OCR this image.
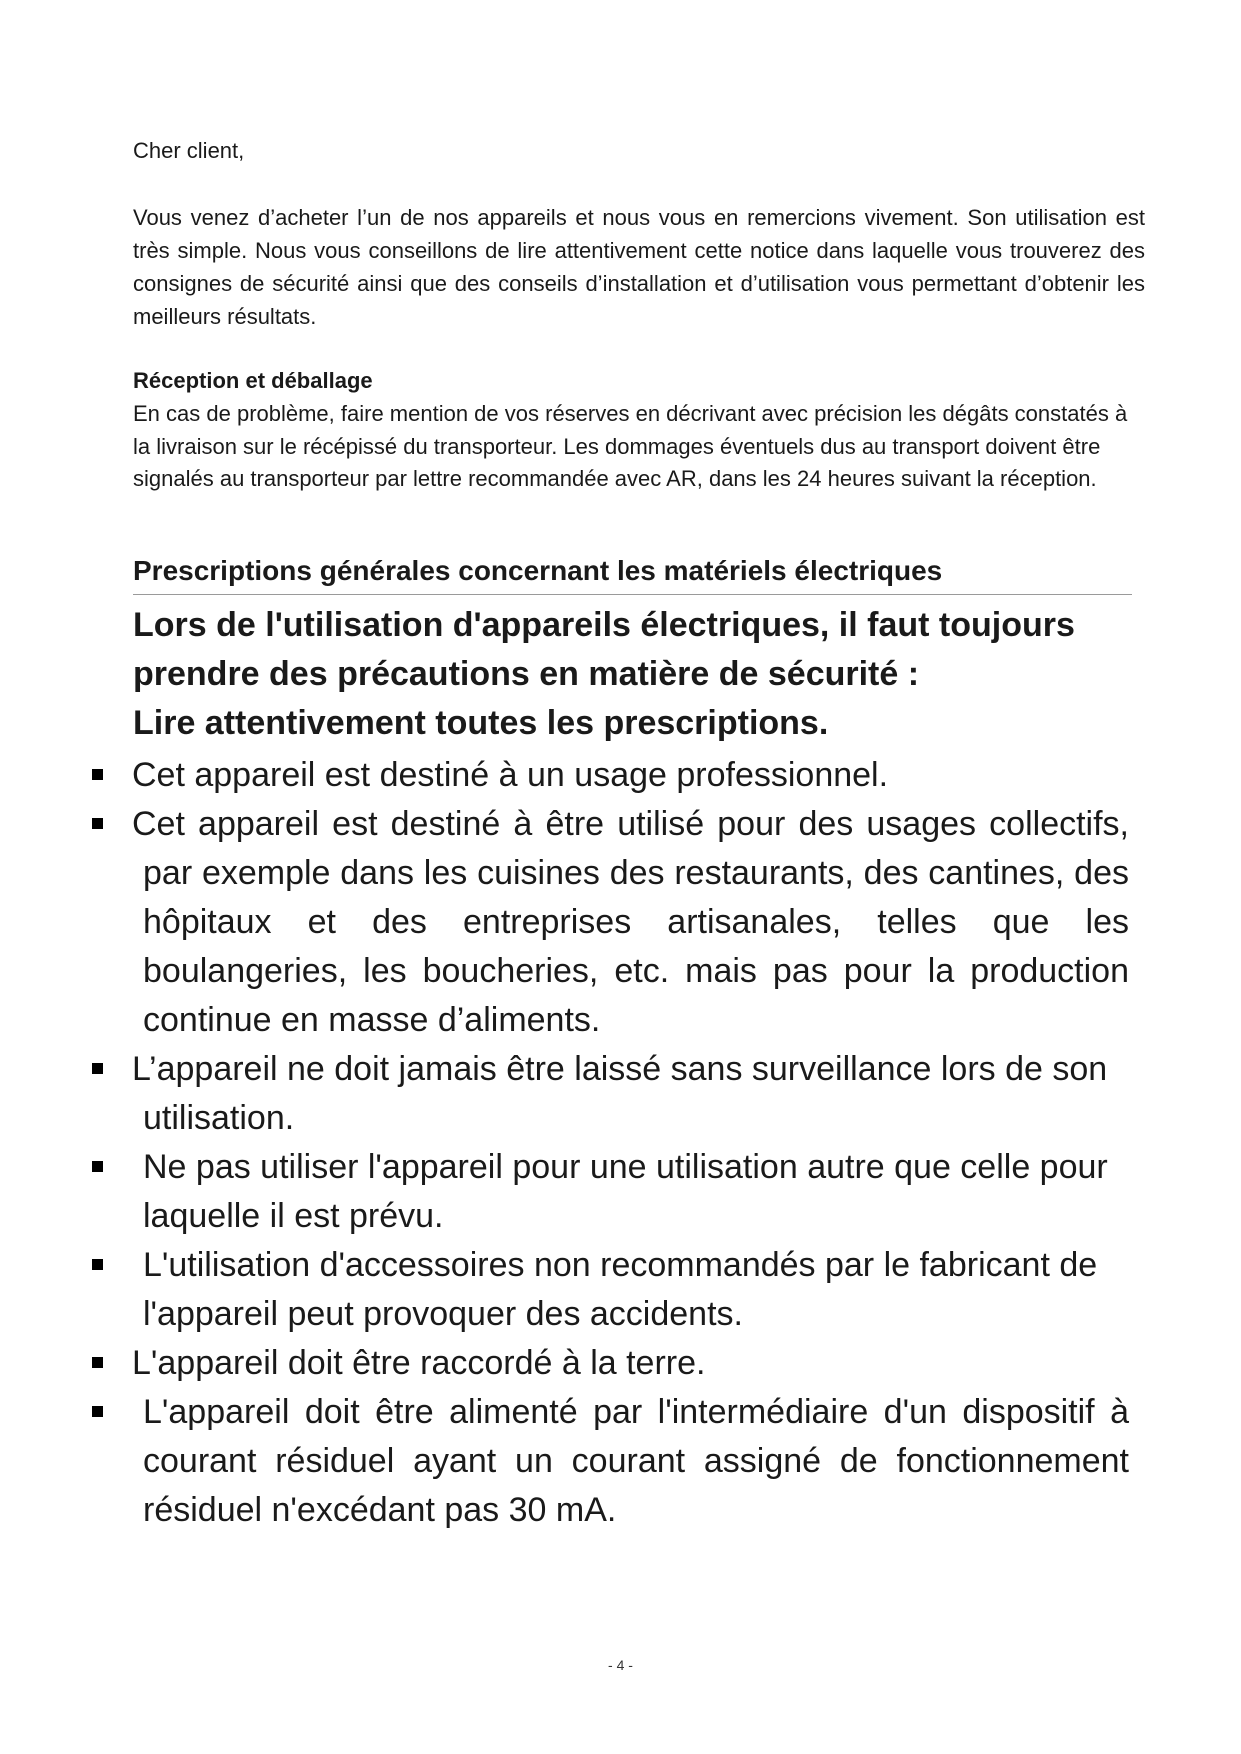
Cher client,

Vous venez d’acheter l’un de nos appareils et nous vous en remercions vivement. Son utilisation est très simple. Nous vous conseillons de lire attentivement cette notice dans laquelle vous trouverez des consignes de sécurité ainsi que des conseils d’installation et d’utilisation vous permettant d’obtenir les meilleurs résultats.

Réception et déballage

En cas de problème, faire mention de vos réserves en décrivant avec précision les dégâts constatés à la livraison sur le récépissé du transporteur. Les dommages éventuels dus au transport doivent être signalés au transporteur par lettre recommandée avec AR, dans les 24 heures suivant la réception.

Prescriptions générales concernant les matériels électriques

Lors de l'utilisation d'appareils électriques, il faut toujours
prendre des précautions en matière de sécurité :
Lire attentivement toutes les prescriptions.
Cet appareil est destiné à un usage professionnel.
Cet appareil est destiné à être utilisé pour des usages collectifs, par exemple dans les cuisines des restaurants, des cantines, des hôpitaux et des entreprises artisanales, telles que les boulangeries, les boucheries, etc. mais pas pour la production continue en masse d’aliments.
L’appareil ne doit jamais être laissé sans surveillance lors de son utilisation.
Ne pas utiliser l'appareil pour une utilisation autre que celle pour laquelle il est prévu.
L'utilisation d'accessoires non recommandés par le fabricant de l'appareil peut provoquer des accidents.
L'appareil doit être raccordé à la terre.
L'appareil doit être alimenté par l'intermédiaire d'un dispositif à courant résiduel ayant un courant assigné de fonctionnement résiduel n'excédant pas 30 mA.

- 4 -
